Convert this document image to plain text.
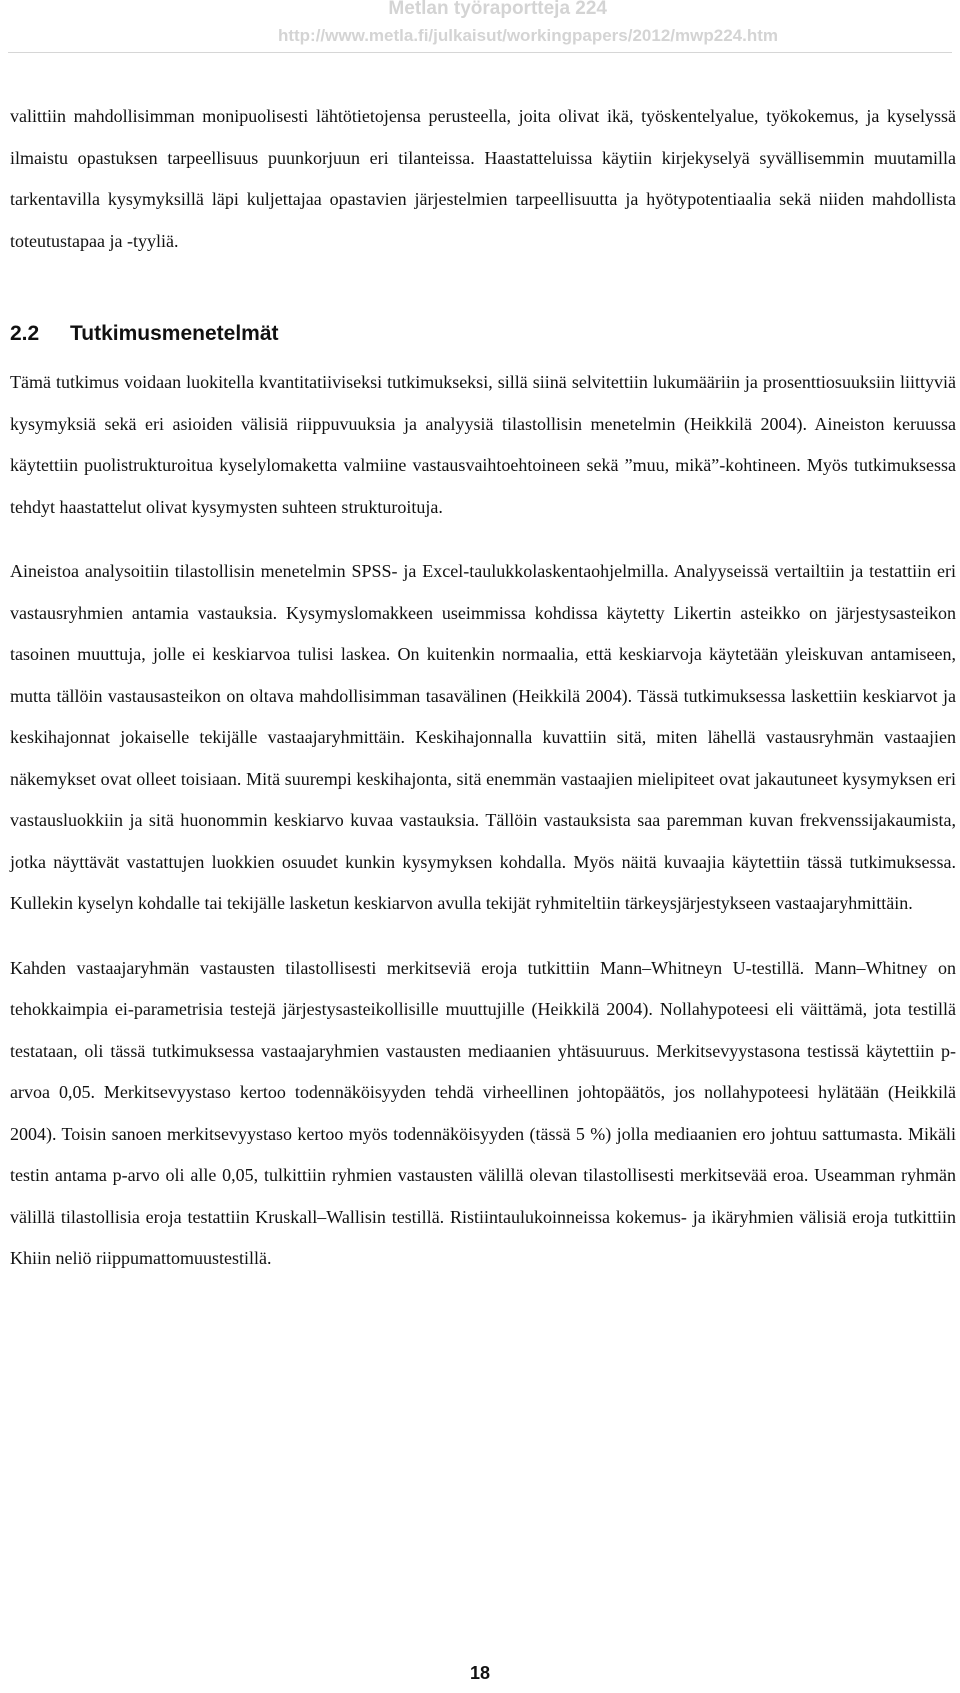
Metlan työraportteja 224
http://www.metla.fi/julkaisut/workingpapers/2012/mwp224.htm

valittiin mahdollisimman monipuolisesti lähtötietojensa perusteella, joita olivat ikä, työskentelyalue, työkokemus, ja kyselyssä ilmaistu opastuksen tarpeellisuus puunkorjuun eri tilanteissa. Haastatteluissa käytiin kirjekyselyä syvällisemmin muutamilla tarkentavilla kysymyksillä läpi kuljettajaa opastavien järjestelmien tarpeellisuutta ja hyötypotentiaalia sekä niiden mahdollista toteutustapaa ja -tyyliä.

2.2 Tutkimusmenetelmät

Tämä tutkimus voidaan luokitella kvantitatiiviseksi tutkimukseksi, sillä siinä selvitettiin lukumääriin ja prosenttiosuuksiin liittyviä kysymyksiä sekä eri asioiden välisiä riippuvuuksia ja analyysiä tilastollisin menetelmin (Heikkilä 2004). Aineiston keruussa käytettiin puolistrukturoitua kyselylomaketta valmiine vastausvaihtoehtoineen sekä ”muu, mikä”-kohtineen. Myös tutkimuksessa tehdyt haastattelut olivat kysymysten suhteen strukturoituja.

Aineistoa analysoitiin tilastollisin menetelmin SPSS- ja Excel-taulukkolaskentaohjelmilla. Analyyseissä vertailtiin ja testattiin eri vastausryhmien antamia vastauksia. Kysymyslomakkeen useimmissa kohdissa käytetty Likertin asteikko on järjestysasteikon tasoinen muuttuja, jolle ei keskiarvoa tulisi laskea. On kuitenkin normaalia, että keskiarvoja käytetään yleiskuvan antamiseen, mutta tällöin vastausasteikon on oltava mahdollisimman tasavälinen (Heikkilä 2004). Tässä tutkimuksessa laskettiin keskiarvot ja keskihajonnat jokaiselle tekijälle vastaajaryhmittäin. Keskihajonnalla kuvattiin sitä, miten lähellä vastausryhmän vastaajien näkemykset ovat olleet toisiaan. Mitä suurempi keskihajonta, sitä enemmän vastaajien mielipiteet ovat jakautuneet kysymyksen eri vastausluokkiin ja sitä huonommin keskiarvo kuvaa vastauksia. Tällöin vastauksista saa paremman kuvan frekvenssijakaumista, jotka näyttävät vastattujen luokkien osuudet kunkin kysymyksen kohdalla. Myös näitä kuvaajia käytettiin tässä tutkimuksessa. Kullekin kyselyn kohdalle tai tekijälle lasketun keskiarvon avulla tekijät ryhmiteltiin tärkeysjärjestykseen vastaajaryhmittäin.

Kahden vastaajaryhmän vastausten tilastollisesti merkitseviä eroja tutkittiin Mann–Whitneyn U-testillä. Mann–Whitney on tehokkaimpia ei-parametrisia testejä järjestysasteikollisille muuttujille (Heikkilä 2004). Nollahypoteesi eli väittämä, jota testillä testataan, oli tässä tutkimuksessa vastaajaryhmien vastausten mediaanien yhtäsuuruus. Merkitsevyystasona testissä käytettiin p-arvoa 0,05. Merkitsevyystaso kertoo todennäköisyyden tehdä virheellinen johtopäätös, jos nollahypoteesi hylätään (Heikkilä 2004). Toisin sanoen merkitsevyystaso kertoo myös todennäköisyyden (tässä 5 %) jolla mediaanien ero johtuu sattumasta. Mikäli testin antama p-arvo oli alle 0,05, tulkittiin ryhmien vastausten välillä olevan tilastollisesti merkitsevää eroa. Useamman ryhmän välillä tilastollisia eroja testattiin Kruskall–Wallisin testillä. Ristiintaulukoinneissa kokemus- ja ikäryhmien välisiä eroja tutkittiin Khiin neliö riippumattomuustestillä.

18
